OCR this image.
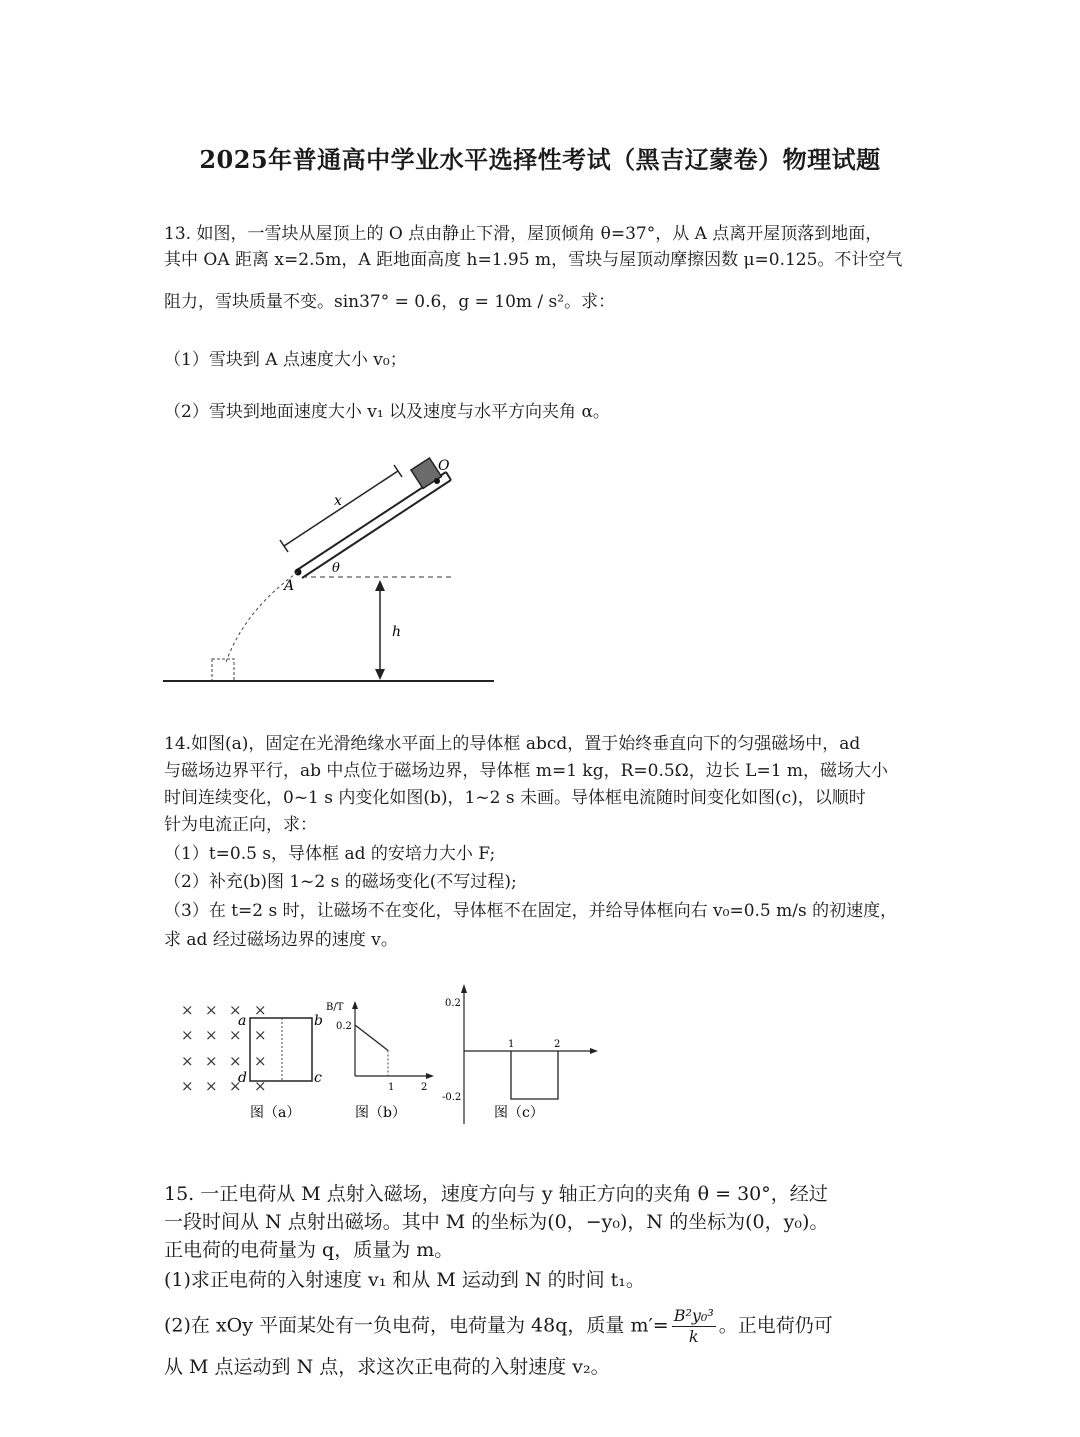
2025年普通高中学业水平选择性考试（黑吉辽蒙卷）物理试题
13. 如图，一雪块从屋顶上的 O 点由静止下滑，屋顶倾角 θ=37°，从 A 点离开屋顶落到地面，
其中 OA 距离 x=2.5m，A 距地面高度 h=1.95 m，雪块与屋顶动摩擦因数 μ=0.125。不计空气
阻力，雪块质量不变。sin37° = 0.6，g = 10m / s²。求：
（1）雪块到 A 点速度大小 v₀；
（2）雪块到地面速度大小 v₁ 以及速度与水平方向夹角 α。
O
x
A
θ
h
14.如图(a)，固定在光滑绝缘水平面上的导体框 abcd，置于始终垂直向下的匀强磁场中，ad
与磁场边界平行，ab 中点位于磁场边界，导体框 m=1 kg，R=0.5Ω，边长 L=1 m，磁场大小
时间连续变化，0~1 s 内变化如图(b)，1~2 s 未画。导体框电流随时间变化如图(c)，以顺时
针为电流正向，求：
（1）t=0.5 s，导体框 ad 的安培力大小 F;
（2）补充(b)图 1~2 s 的磁场变化(不写过程);
（3）在 t=2 s 时，让磁场不在变化，导体框不在固定，并给导体框向右 v₀=0.5 m/s 的初速度，
求 ad 经过磁场边界的速度 v。
× × × ×
× × × ×
× × × ×
× × × ×
a	b
c
d
图（a）
B/T
0.2
1	2
图（b）
0.2
-0.2
1	2
图（c）
15. 一正电荷从 M 点射入磁场，速度方向与 y 轴正方向的夹角 θ = 30°，经过
一段时间从 N 点射出磁场。其中 M 的坐标为(0，−y₀)，N 的坐标为(0，y₀)。
正电荷的电荷量为 q，质量为 m。
(1)求正电荷的入射速度 v₁ 和从 M 运动到 N 的时间 t₁。
(2)在 xOy 平面某处有一负电荷，电荷量为 48q，质量 $m'= \frac{\text{B²y₀³}}{k}$ 。正电荷仍可
从 M 点运动到 N 点，求这次正电荷的入射速度 v₂。
